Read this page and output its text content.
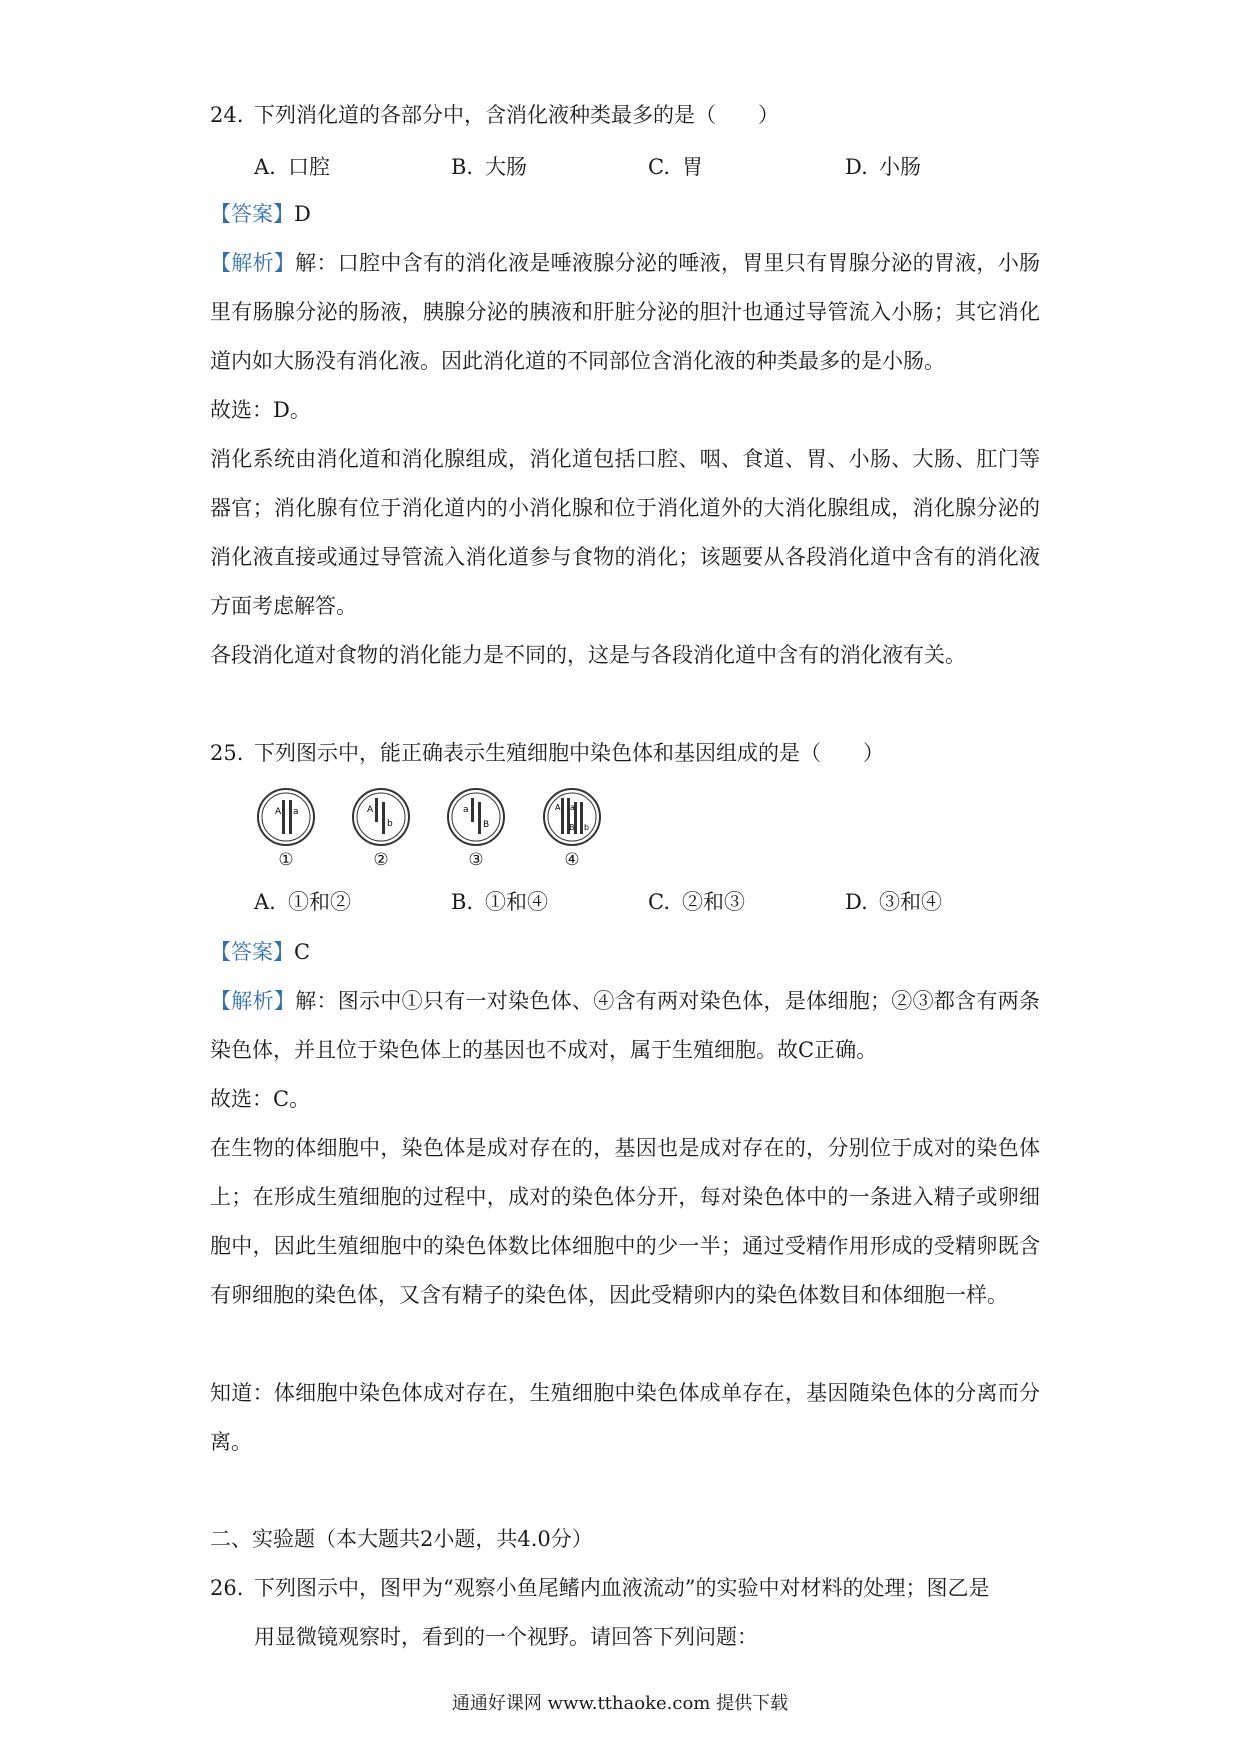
24. 下列消化道的各部分中，含消化液种类最多的是（　　）
A. 口腔	B. 大肠	C. 胃	D. 小肠
【答案】D
【解析】解：口腔中含有的消化液是唾液腺分泌的唾液，胃里只有胃腺分泌的胃液，小肠里有肠腺分泌的肠液，胰腺分泌的胰液和肝脏分泌的胆汁也通过导管流入小肠；其它消化道内如大肠没有消化液。因此消化道的不同部位含消化液的种类最多的是小肠。
故选：D。
消化系统由消化道和消化腺组成，消化道包括口腔、咽、食道、胃、小肠、大肠、肛门等器官；消化腺有位于消化道内的小消化腺和位于消化道外的大消化腺组成，消化腺分泌的消化液直接或通过导管流入消化道参与食物的消化；该题要从各段消化道中含有的消化液方面考虑解答。
各段消化道对食物的消化能力是不同的，这是与各段消化道中含有的消化液有关。
25. 下列图示中，能正确表示生殖细胞中染色体和基因组成的是（　　）
A a
①
A
b
②
a
B
③
A a
B b
④
A. ①和②	B. ①和④	C. ②和③	D. ③和④
【答案】C
【解析】解：图示中①只有一对染色体、④含有两对染色体，是体细胞；②③都含有两条染色体，并且位于染色体上的基因也不成对，属于生殖细胞。故C正确。
故选：C。
在生物的体细胞中，染色体是成对存在的，基因也是成对存在的，分别位于成对的染色体上；在形成生殖细胞的过程中，成对的染色体分开，每对染色体中的一条进入精子或卵细胞中，因此生殖细胞中的染色体数比体细胞中的少一半；通过受精作用形成的受精卵既含有卵细胞的染色体，又含有精子的染色体，因此受精卵内的染色体数目和体细胞一样。
知道：体细胞中染色体成对存在，生殖细胞中染色体成单存在，基因随染色体的分离而分离。
二、实验题（本大题共2小题，共4.0分）
26. 下列图示中，图甲为“观察小鱼尾鳍内血液流动”的实验中对材料的处理；图乙是
用显微镜观察时，看到的一个视野。请回答下列问题：
通通好课网 www.tthaoke.com 提供下载
